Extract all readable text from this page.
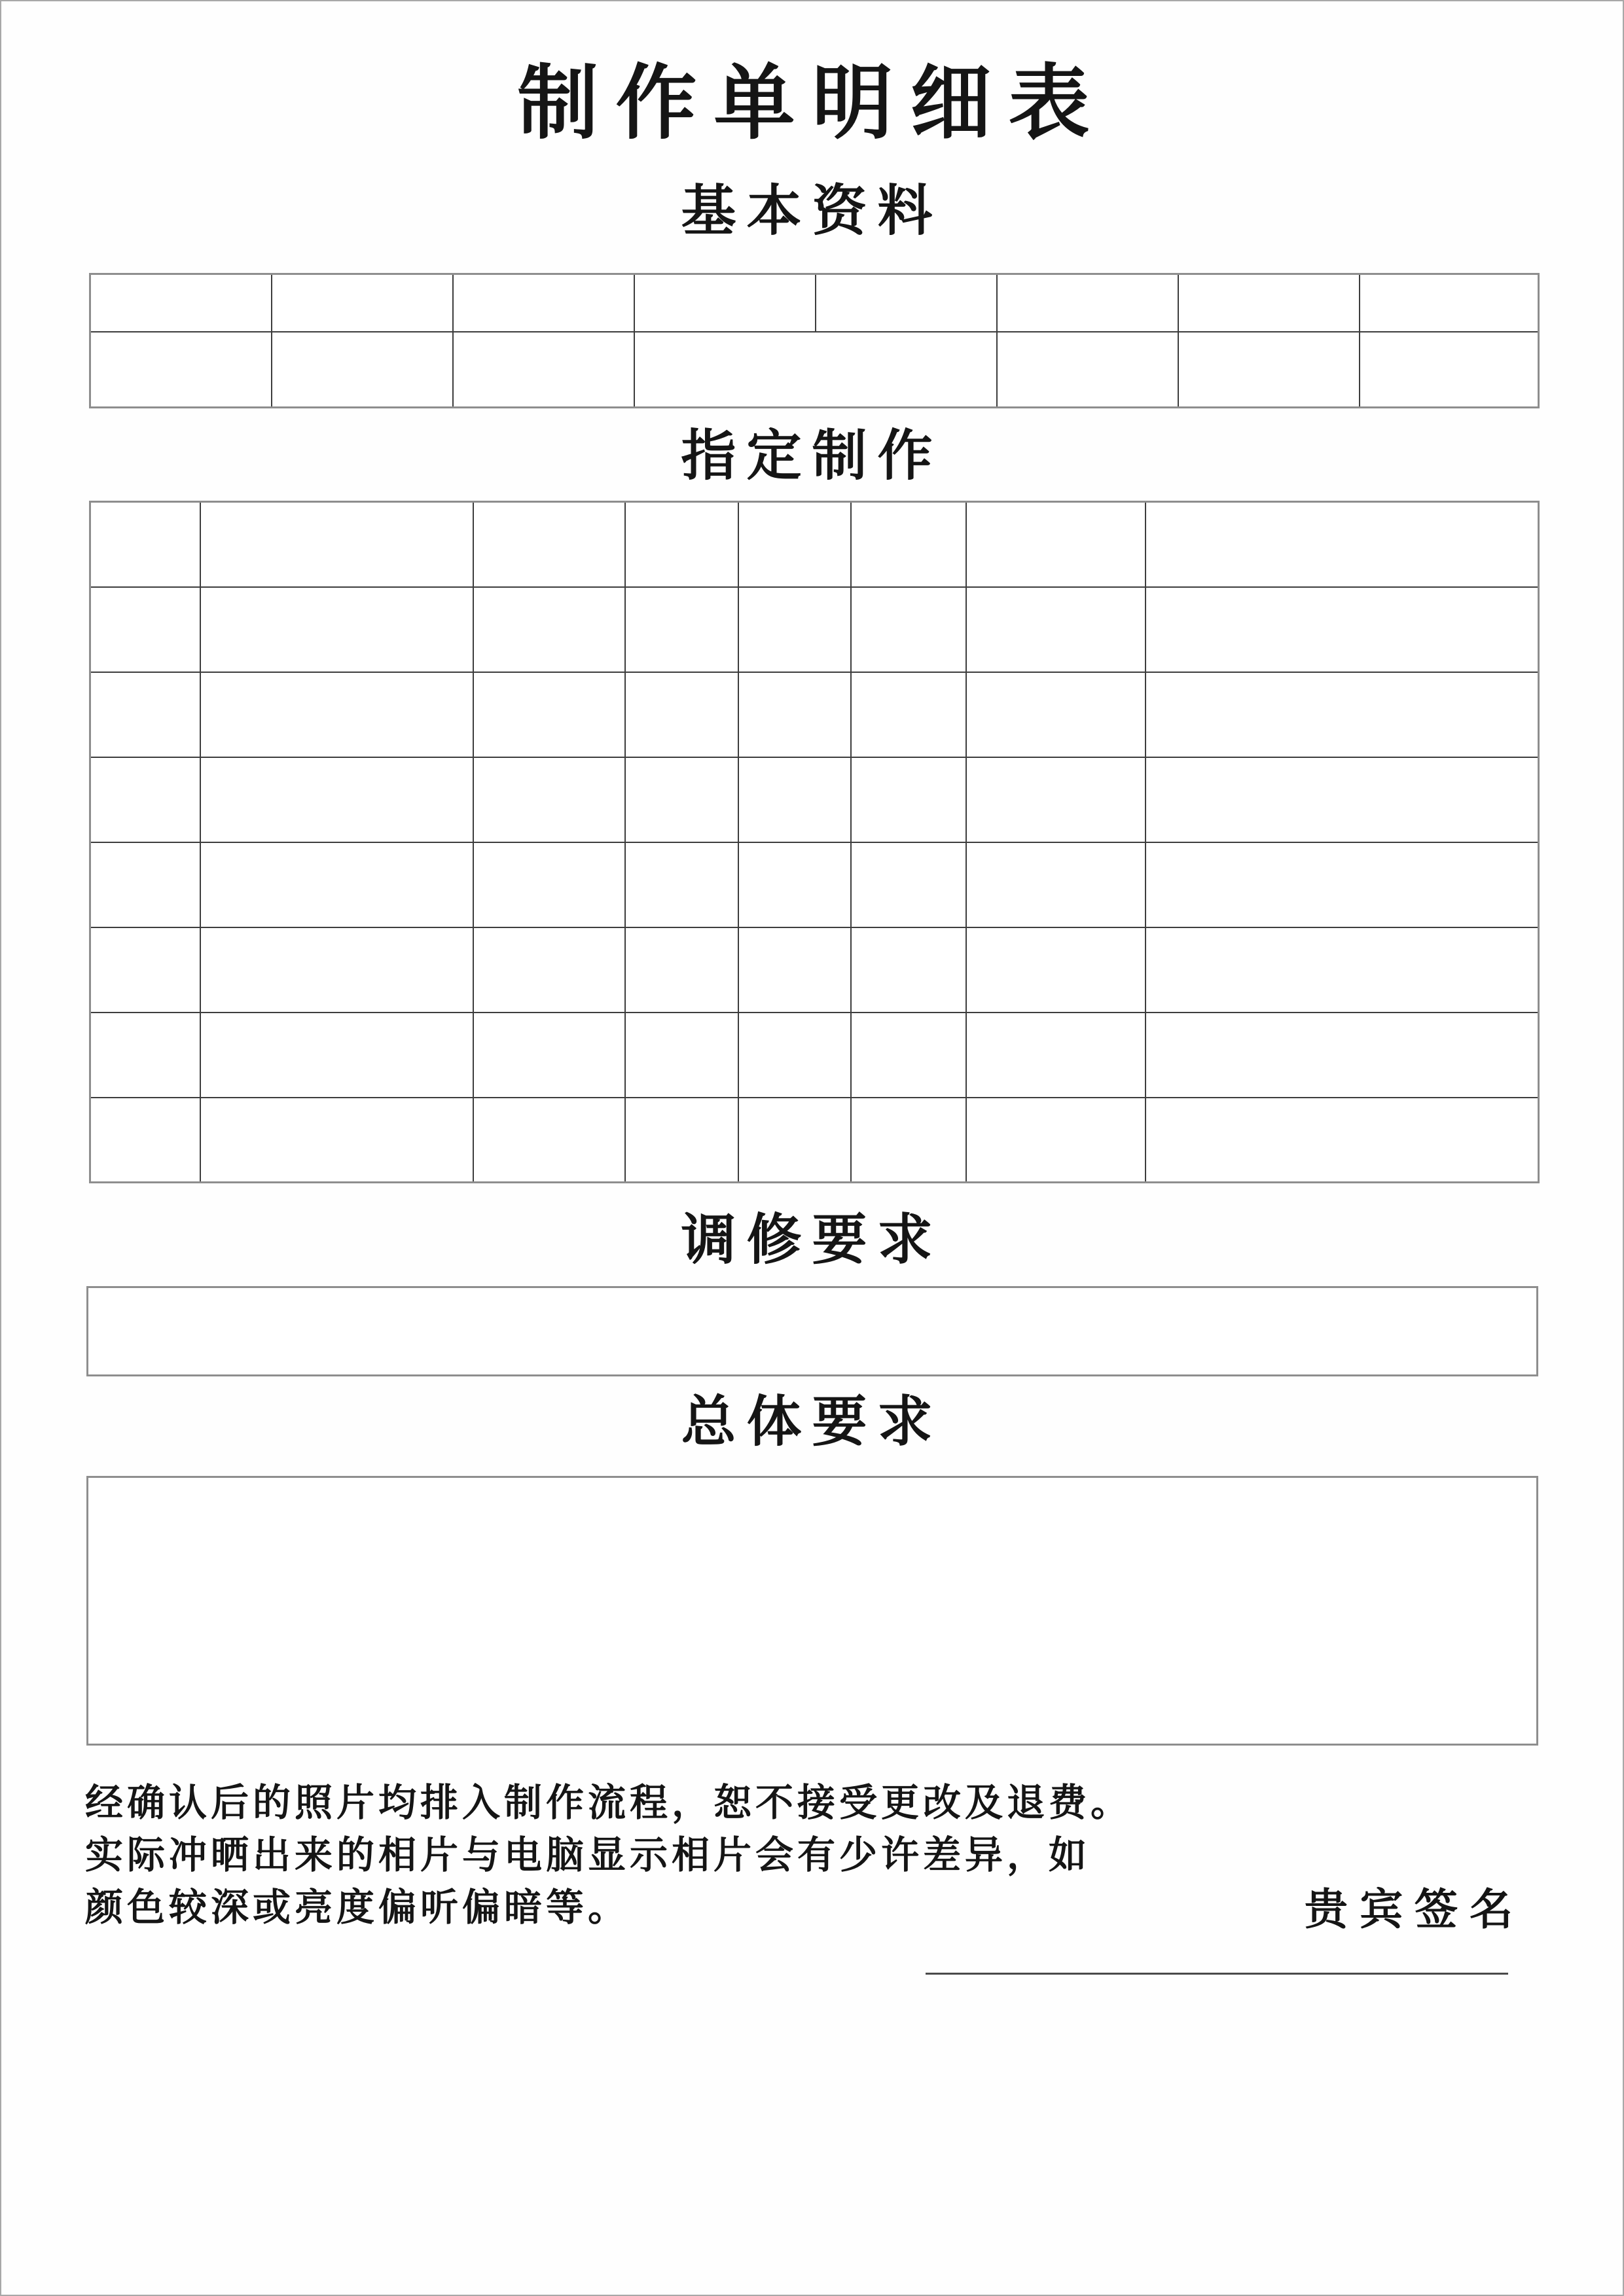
制作单明细表
基本资料

指定制作

调修要求
总体要求
经确认后的照片均排入制作流程，恕不接受更改及退费。
实际冲晒出来的相片与电脑显示相片会有少许差异，如
颜色较深或亮度偏听偏暗等。	贵宾签名
